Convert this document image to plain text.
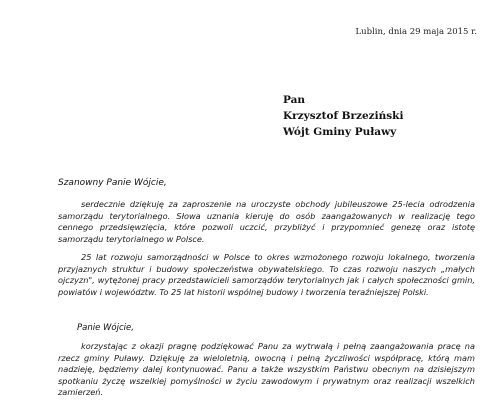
Lublin, dnia 29 maja 2015 r.
Pan
Krzysztof Brzeziński
Wójt Gminy Puławy
Szanowny Panie Wójcie,

serdecznie dziękuję za zaproszenie na uroczyste obchody jubileuszowe 25-lecia odrodzenia samorządu terytorialnego. Słowa uznania kieruję do osób zaangażowanych w realizację tego cennego przedsięwzięcia, które pozwoli uczcić, przybliżyć i przypomnieć genezę oraz istotę samorządu terytorialnego w Polsce.

25 lat rozwoju samorządności w Polsce to okres wzmożonego rozwoju lokalnego, tworzenia przyjaznych struktur i budowy społeczeństwa obywatelskiego. To czas rozwoju naszych „małych ojczyzn", wytężonej pracy przedstawicieli samorządów terytorialnych jak i całych społeczności gmin, powiatów i województw. To 25 lat historii wspólnej budowy i tworzenia teraźniejszej Polski.

Panie Wójcie,

korzystając z okazji pragnę podziękować Panu za wytrwałą i pełną zaangażowania pracę na rzecz gminy Puławy. Dziękuję za wieloletnią, owocną i pełną życzliwości współpracę, którą mam nadzieję, będziemy dalej kontynuować. Panu a także wszystkim Państwu obecnym na dzisiejszym spotkaniu życzę wszelkiej pomyślności w życiu zawodowym i prywatnym oraz realizacji wszelkich zamierzeń.
